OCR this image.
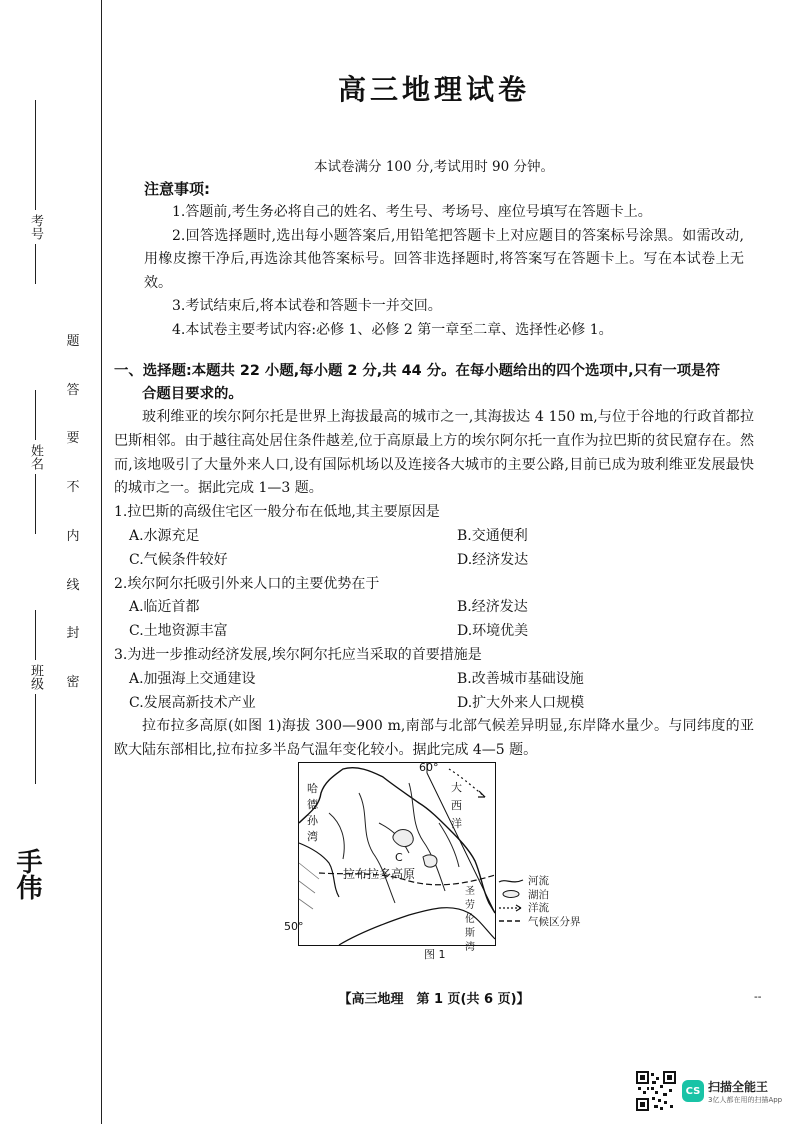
考号
姓名
班级
题
答
要
不
内
线
封
密
手伟
高三地理试卷
本试卷满分 100 分,考试用时 90 分钟。
注意事项:

1.答题前,考生务必将自己的姓名、考生号、考场号、座位号填写在答题卡上。

2.回答选择题时,选出每小题答案后,用铅笔把答题卡上对应题目的答案标号涂黑。如需改动,用橡皮擦干净后,再选涂其他答案标号。回答非选择题时,将答案写在答题卡上。写在本试卷上无效。

3.考试结束后,将本试卷和答题卡一并交回。

4.本试卷主要考试内容:必修 1、必修 2 第一章至二章、选择性必修 1。

一、选择题:本题共 22 小题,每小题 2 分,共 44 分。在每小题给出的四个选项中,只有一项是符
合题目要求的。

玻利维亚的埃尔阿尔托是世界上海拔最高的城市之一,其海拔达 4 150 m,与位于谷地的行政首都拉巴斯相邻。由于越往高处居住条件越差,位于高原最上方的埃尔阿尔托一直作为拉巴斯的贫民窟存在。然而,该地吸引了大量外来人口,设有国际机场以及连接各大城市的主要公路,目前已成为玻利维亚发展最快的城市之一。据此完成 1—3 题。

1.拉巴斯的高级住宅区一般分布在低地,其主要原因是

A.水源充足	B.交通便利
C.气候条件较好	D.经济发达

2.埃尔阿尔托吸引外来人口的主要优势在于

A.临近首都	B.经济发达
C.土地资源丰富	D.环境优美

3.为进一步推动经济发展,埃尔阿尔托应当采取的首要措施是

A.加强海上交通建设	B.改善城市基础设施
C.发展高新技术产业	D.扩大外来人口规模

拉布拉多高原(如图 1)海拔 300—900 m,南部与北部气候差异明显,东岸降水量少。与同纬度的亚欧大陆东部相比,拉布拉多半岛气温年变化较小。据此完成 4—5 题。

【高三地理　第 1 页(共 6 页)】
60°
哈德孙湾
大西洋
C
拉布拉多高原
圣劳伦斯湾
50°
河流
湖泊
洋流
气候区分界
图 1
--
CS 扫描全能王
3亿人都在用的扫描App
